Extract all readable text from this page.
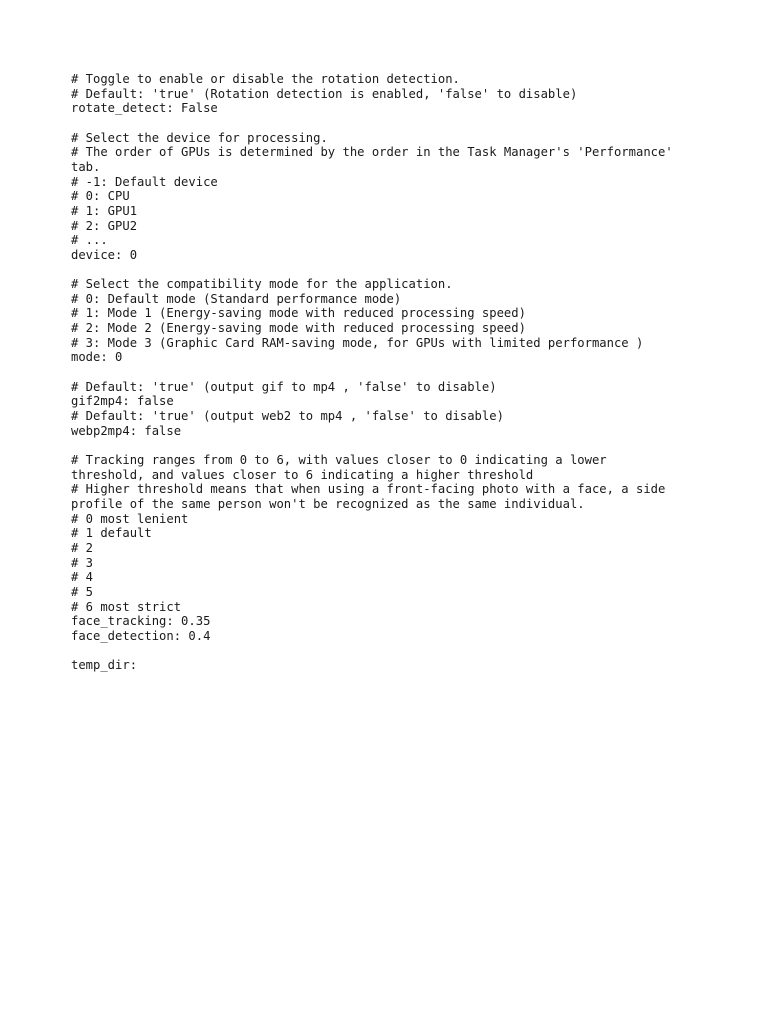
# Toggle to enable or disable the rotation detection.
# Default: 'true' (Rotation detection is enabled, 'false' to disable)
rotate_detect: False
# Select the device for processing.
# The order of GPUs is determined by the order in the Task Manager's 'Performance'
tab.
# -1: Default device
# 0: CPU
# 1: GPU1
# 2: GPU2
# ...
device: 0
# Select the compatibility mode for the application.
# 0: Default mode (Standard performance mode)
# 1: Mode 1 (Energy-saving mode with reduced processing speed)
# 2: Mode 2 (Energy-saving mode with reduced processing speed)
# 3: Mode 3 (Graphic Card RAM-saving mode, for GPUs with limited performance )
mode: 0
# Default: 'true' (output gif to mp4 , 'false' to disable)
gif2mp4: false
# Default: 'true' (output web2 to mp4 , 'false' to disable)
webp2mp4: false
# Tracking ranges from 0 to 6, with values closer to 0 indicating a lower
threshold, and values closer to 6 indicating a higher threshold
# Higher threshold means that when using a front-facing photo with a face, a side
profile of the same person won't be recognized as the same individual.
# 0 most lenient
# 1 default
# 2
# 3
# 4
# 5
# 6 most strict
face_tracking: 0.35
face_detection: 0.4
temp_dir:
